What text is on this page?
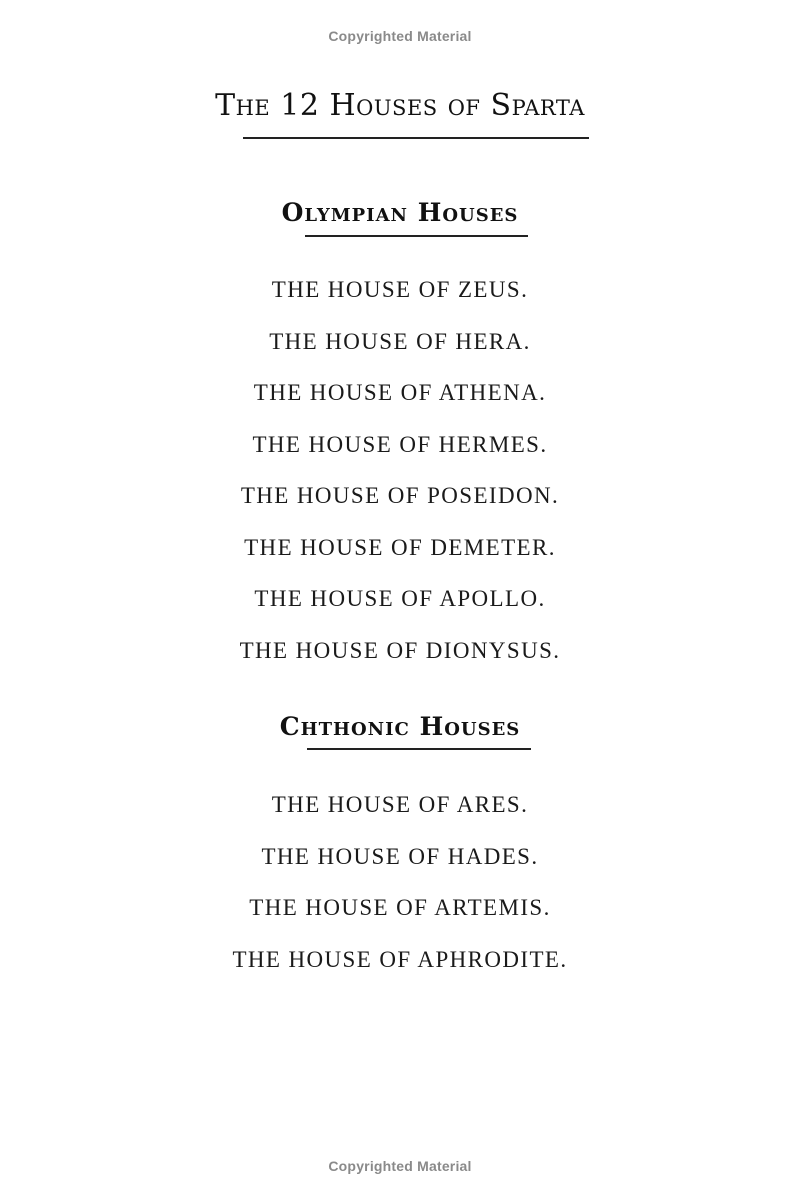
Copyrighted Material
The 12 Houses of Sparta
Olympian Houses
THE HOUSE OF ZEUS.
THE HOUSE OF HERA.
THE HOUSE OF ATHENA.
THE HOUSE OF HERMES.
THE HOUSE OF POSEIDON.
THE HOUSE OF DEMETER.
THE HOUSE OF APOLLO.
THE HOUSE OF DIONYSUS.
Chthonic Houses
THE HOUSE OF ARES.
THE HOUSE OF HADES.
THE HOUSE OF ARTEMIS.
THE HOUSE OF APHRODITE.
Copyrighted Material
